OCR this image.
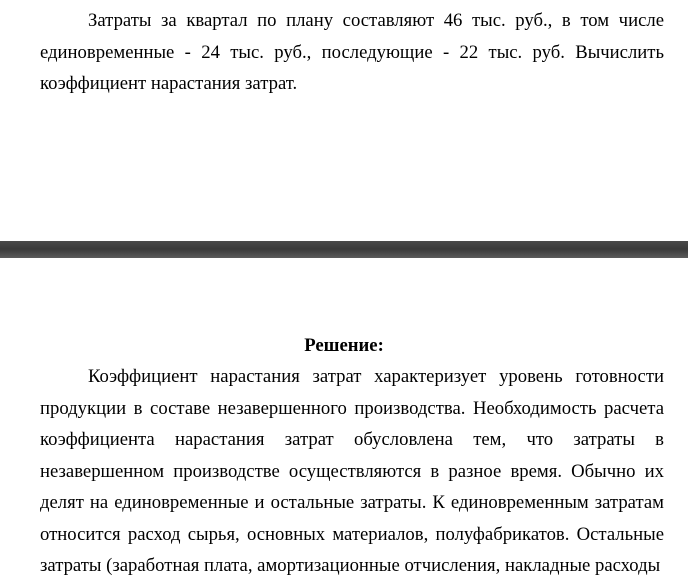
Затраты за квартал по плану составляют 46 тыс. руб., в том числе единовременные - 24 тыс. руб., последующие - 22 тыс. руб. Вычислить коэффициент нарастания затрат.

Решение:

Коэффициент нарастания затрат характеризует уровень готовности продукции в составе незавершенного производства. Необходимость расчета коэффициента нарастания затрат обусловлена тем, что затраты в незавершенном производстве осуществляются в разное время. Обычно их делят на единовременные и остальные затраты. К единовременным затратам относится расход сырья, основных материалов, полуфабрикатов. Остальные затраты (заработная плата, амортизационные отчисления, накладные расходы
